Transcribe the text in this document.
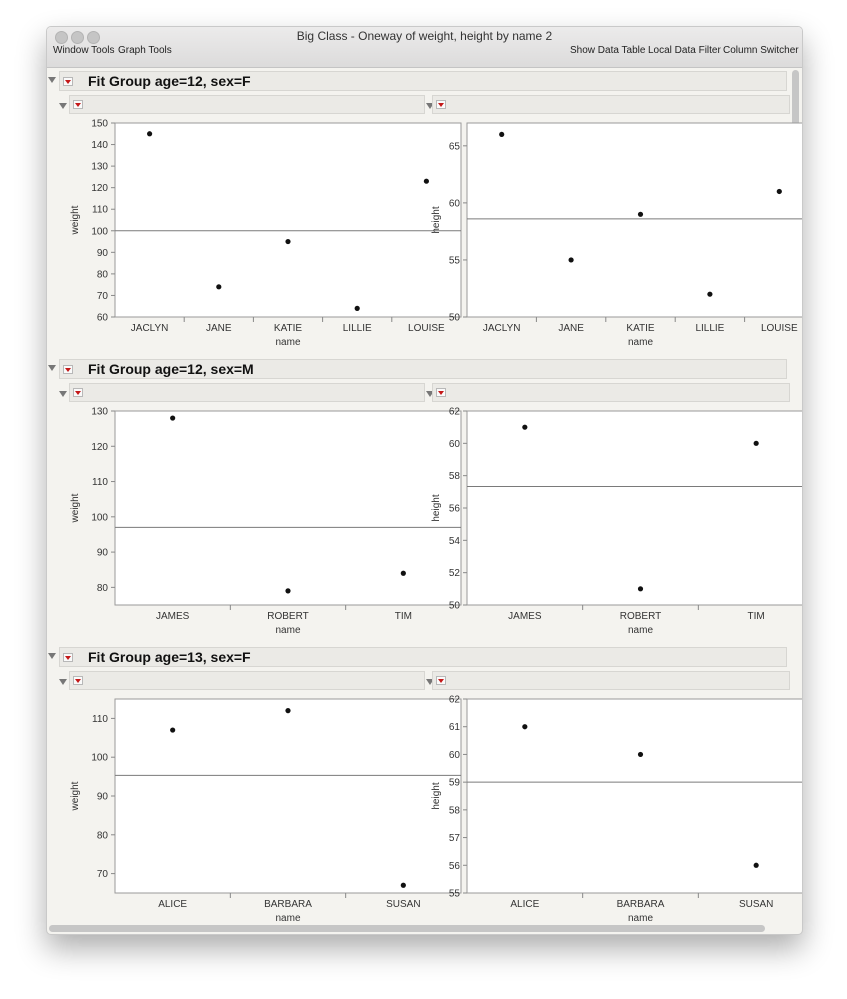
Big Class - Oneway of weight, height by name 2
Window Tools Graph Tools	Show Data Table Local Data Filter Column Switcher
Fit Group age=12, sex=F
60
70
80
90
100
110
120
130
140
150
JACLYN	JANE	KATIE	LILLIE	LOUISE
name
weight
50
55
60
65
JACLYN	JANE	KATIE	LILLIE	LOUISE
name
height
Fit Group age=12, sex=M
80
90
100
110
120
130
JAMES	ROBERT	TIM
name
weight
50
52
54
56
58
60
62
JAMES	ROBERT	TIM
name
height
Fit Group age=13, sex=F
70
80
90
100
110
ALICE	BARBARA	SUSAN
name
weight
55
56
57
58
59
60
61
62
ALICE	BARBARA	SUSAN
name
height
